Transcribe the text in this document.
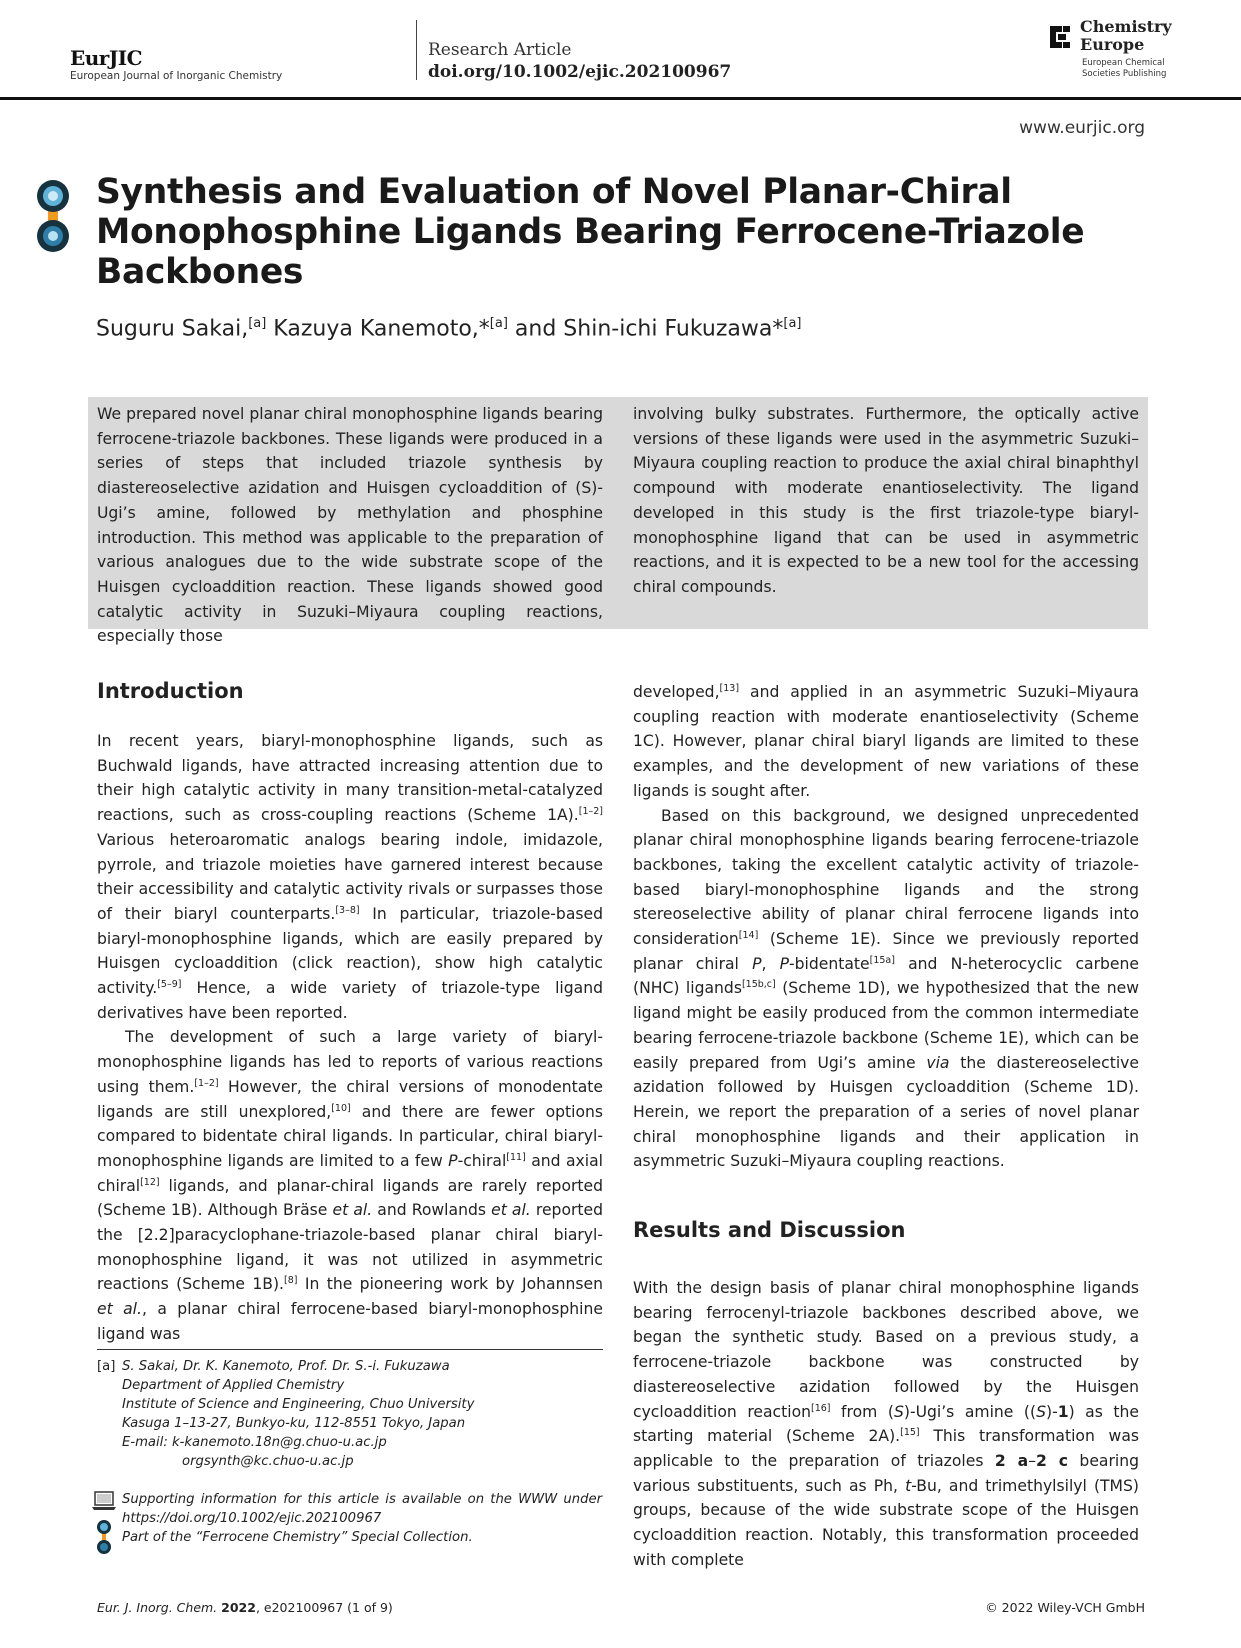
EurJIC
European Journal of Inorganic Chemistry
Research Article
doi.org/10.1002/ejic.202100967
Chemistry
Europe
European Chemical
Societies Publishing
www.eurjic.org
Synthesis and Evaluation of Novel Planar-Chiral Monophosphine Ligands Bearing Ferrocene-Triazole Backbones
Suguru Sakai,[a] Kazuya Kanemoto,*[a] and Shin-ichi Fukuzawa*[a]
We prepared novel planar chiral monophosphine ligands bearing ferrocene-triazole backbones. These ligands were produced in a series of steps that included triazole synthesis by diastereoselective azidation and Huisgen cycloaddition of (S)-Ugi’s amine, followed by methylation and phosphine introduction. This method was applicable to the preparation of various analogues due to the wide substrate scope of the Huisgen cycloaddition reaction. These ligands showed good catalytic activity in Suzuki–Miyaura coupling reactions, especially those
involving bulky substrates. Furthermore, the optically active versions of these ligands were used in the asymmetric Suzuki–Miyaura coupling reaction to produce the axial chiral binaphthyl compound with moderate enantioselectivity. The ligand developed in this study is the first triazole-type biaryl- monophosphine ligand that can be used in asymmetric reactions, and it is expected to be a new tool for the accessing chiral compounds.
Introduction

In recent years, biaryl-monophosphine ligands, such as Buchwald ligands, have attracted increasing attention due to their high catalytic activity in many transition-metal-catalyzed reactions, such as cross-coupling reactions (Scheme 1A).[1–2] Various heteroaromatic analogs bearing indole, imidazole, pyrrole, and triazole moieties have garnered interest because their accessibility and catalytic activity rivals or surpasses those of their biaryl counterparts.[3–8] In particular, triazole-based biaryl-monophosphine ligands, which are easily prepared by Huisgen cycloaddition (click reaction), show high catalytic activity.[5–9] Hence, a wide variety of triazole-type ligand derivatives have been reported.

The development of such a large variety of biaryl-monophosphine ligands has led to reports of various reactions using them.[1–2] However, the chiral versions of monodentate ligands are still unexplored,[10] and there are fewer options compared to bidentate chiral ligands. In particular, chiral biaryl-monophosphine ligands are limited to a few P-chiral[11] and axial chiral[12] ligands, and planar-chiral ligands are rarely reported (Scheme 1B). Although Bräse et al. and Rowlands et al. reported the [2.2]paracyclophane-triazole-based planar chiral biaryl-monophosphine ligand, it was not utilized in asymmetric reactions (Scheme 1B).[8] In the pioneering work by Johannsen et al., a planar chiral ferrocene-based biaryl-monophosphine ligand was

developed,[13] and applied in an asymmetric Suzuki–Miyaura coupling reaction with moderate enantioselectivity (Scheme 1C). However, planar chiral biaryl ligands are limited to these examples, and the development of new variations of these ligands is sought after.

Based on this background, we designed unprecedented planar chiral monophosphine ligands bearing ferrocene-triazole backbones, taking the excellent catalytic activity of triazole-based biaryl-monophosphine ligands and the strong stereoselective ability of planar chiral ferrocene ligands into consideration[14] (Scheme 1E). Since we previously reported planar chiral P, P-bidentate[15a] and N-heterocyclic carbene (NHC) ligands[15b,c] (Scheme 1D), we hypothesized that the new ligand might be easily produced from the common intermediate bearing ferrocene-triazole backbone (Scheme 1E), which can be easily prepared from Ugi’s amine via the diastereoselective azidation followed by Huisgen cycloaddition (Scheme 1D). Herein, we report the preparation of a series of novel planar chiral monophosphine ligands and their application in asymmetric Suzuki–Miyaura coupling reactions.

Results and Discussion

With the design basis of planar chiral monophosphine ligands bearing ferrocenyl-triazole backbones described above, we began the synthetic study. Based on a previous study, a ferrocene-triazole backbone was constructed by diastereoselective azidation followed by the Huisgen cycloaddition reaction[16] from (S)-Ugi’s amine ((S)-1) as the starting material (Scheme 2A).[15] This transformation was applicable to the preparation of triazoles 2 a–2 c bearing various substituents, such as Ph, t-Bu, and trimethylsilyl (TMS) groups, because of the wide substrate scope of the Huisgen cycloaddition reaction. Notably, this transformation proceeded with complete

[a] S. Sakai, Dr. K. Kanemoto, Prof. Dr. S.-i. Fukuzawa
Department of Applied Chemistry
Institute of Science and Engineering, Chuo University
Kasuga 1–13-27, Bunkyo-ku, 112-8551 Tokyo, Japan
E-mail: k-kanemoto.18n@g.chuo-u.ac.jp
orgsynth@kc.chuo-u.ac.jp
Supporting information for this article is available on the WWW under https://doi.org/10.1002/ejic.202100967
Part of the “Ferrocene Chemistry” Special Collection.
Eur. J. Inorg. Chem. 2022, e202100967 (1 of 9)	© 2022 Wiley-VCH GmbH
